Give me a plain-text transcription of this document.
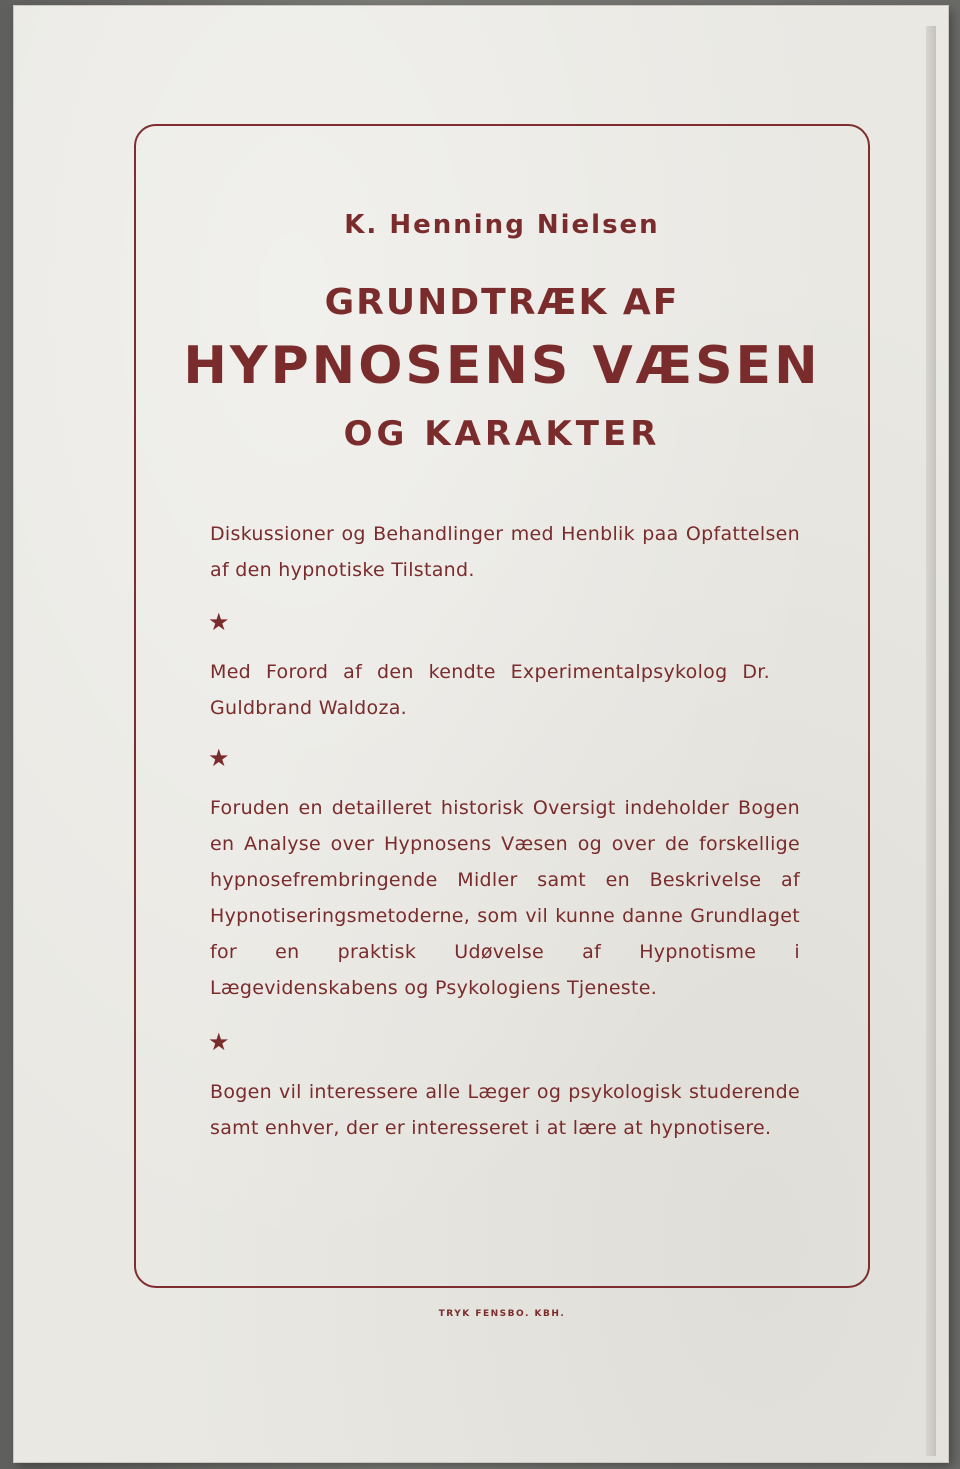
K. Henning Nielsen
GRUNDTRÆK AF
HYPNOSENS VÆSEN
OG KARAKTER
Diskussioner og Behandlinger med Henblik paa Opfattelsen af den hypnotiske Tilstand.
★
Med Forord af den kendte Experimentalpsykolog Dr. Guldbrand Waldoza.
★
Foruden en detailleret historisk Oversigt indeholder Bogen en Analyse over Hypnosens Væsen og over de forskellige hypnosefrembringende Midler samt en Beskrivelse af Hypnotiseringsmetoderne, som vil kunne danne Grundlaget for en praktisk Udøvelse af Hypnotisme i Lægevidenskabens og Psykologiens Tjeneste.
★
Bogen vil interessere alle Læger og psykologisk studerende samt enhver, der er interesseret i at lære at hypnotisere.
TRYK FENSBO. KBH.
